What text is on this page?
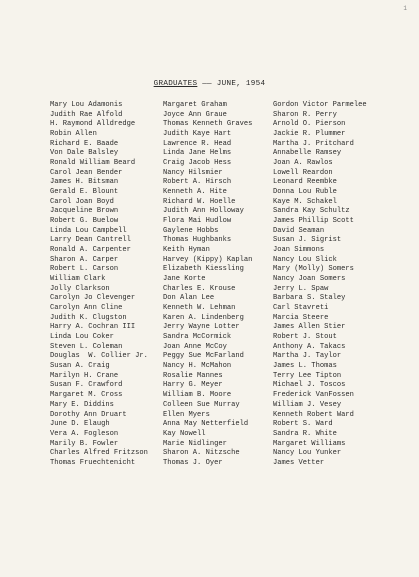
1
GRADUATES —— JUNE, 1954
Mary Lou Adamonis
Judith Rae Alfold
H. Raymond Alldredge
Robin Allen
Richard E. Baade
Von Dale Balsley
Ronald William Beard
Carol Jean Bender
James H. Bitsman
Gerald E. Blount
Carol Joan Boyd
Jacqueline Brown
Robert G. Buelow
Linda Lou Campbell
Larry Dean Cantrell
Ronald A. Carpenter
Sharon A. Carper
Robert L. Carson
William Clark
Jolly Clarkson
Carolyn Jo Clevenger
Carolyn Ann Cline
Judith K. Clugston
Harry A. Cochran III
Linda Lou Coker
Steven L. Coleman
Douglas  W. Collier Jr.
Susan A. Craig
Marilyn H. Crane
Susan F. Crawford
Margaret M. Cross
Mary E. Diddins
Dorothy Ann Druart
June D. Elaugh
Vera A. Fogleson
Marily B. Fowler
Charles Alfred Fritzson
Thomas Fruechtenicht
Margaret Graham
Joyce Ann Graue
Thomas Kenneth Graves
Judith Kaye Hart
Lawrence R. Head
Linda Jane Helms
Craig Jacob Hess
Nancy Hilsmier
Robert A. Hirsch
Kenneth A. Hite
Richard W. Hoelle
Judith Ann Holloway
Flora Mai Hudlow
Gaylene Hobbs
Thomas Hughbanks
Keith Hyman
Harvey (Kippy) Kaplan
Elizabeth Kiessling
Jane Korte
Charles E. Krouse
Don Alan Lee
Kenneth W. Lehman
Karen A. Lindenberg
Jerry Wayne Lotter
Sandra McCormick
Joan Anne McCoy
Peggy Sue McFarland
Nancy H. McMahon
Rosalie Mannes
Harry G. Meyer
William B. Moore
Colleen Sue Murray
Ellen Myers
Anna May Netterfield
Kay Nowell
Marie Nidlinger
Sharon A. Nitzsche
Thomas J. Oyer
Gordon Victor Parmelee
Sharon R. Perry
Arnold O. Pierson
Jackie R. Plummer
Martha J. Pritchard
Annabelle Ramsey
Joan A. Rawlos
Lowell Reardon
Leonard Reembke
Donna Lou Ruble
Kaye M. Schakel
Sandra Kay Schultz
James Phillip Scott
David Seaman
Susan J. Sigrist
Joan Simmons
Nancy Lou Slick
Mary (Molly) Somers
Nancy Joan Somers
Jerry L. Spaw
Barbara S. Staley
Carl Stavreti
Marcia Steere
James Allen Stier
Robert J. Stout
Anthony A. Takacs
Martha J. Taylor
James L. Thomas
Terry Lee Tipton
Michael J. Toscos
Frederick VanFossen
William J. Vesey
Kenneth Robert Ward
Robert S. Ward
Sandra R. White
Margaret Williams
Nancy Lou Yunker
James Vetter
